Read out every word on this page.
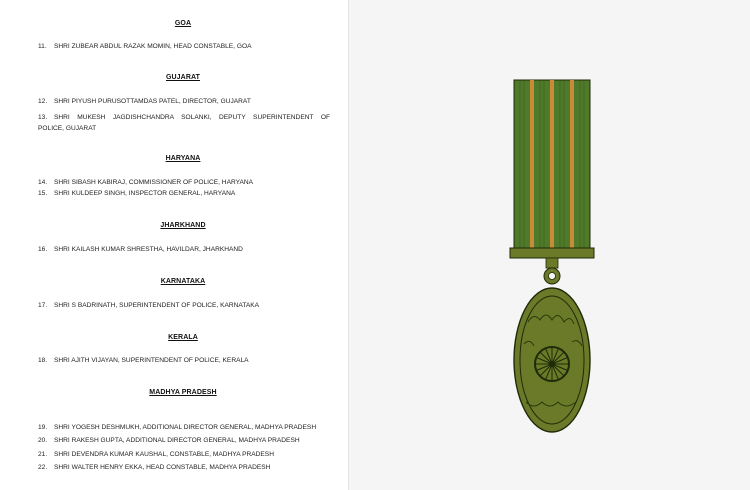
GOA
11. SHRI ZUBEAR ABDUL RAZAK MOMIN, HEAD CONSTABLE, GOA
GUJARAT
12. SHRI PIYUSH PURUSOTTAMDAS PATEL, DIRECTOR, GUJARAT
13. SHRI MUKESH JAGDISHCHANDRA SOLANKI, DEPUTY SUPERINTENDENT OF
POLICE, GUJARAT
HARYANA
14. SHRI SIBASH KABIRAJ, COMMISSIONER OF POLICE, HARYANA
15. SHRI KULDEEP SINGH, INSPECTOR GENERAL, HARYANA
JHARKHAND
16. SHRI KAILASH KUMAR SHRESTHA, HAVILDAR, JHARKHAND
KARNATAKA
17. SHRI S BADRINATH, SUPERINTENDENT OF POLICE, KARNATAKA
KERALA
18. SHRI AJITH VIJAYAN, SUPERINTENDENT OF POLICE, KERALA
MADHYA PRADESH
19. SHRI YOGESH DESHMUKH, ADDITIONAL DIRECTOR GENERAL, MADHYA PRADESH
20. SHRI RAKESH GUPTA, ADDITIONAL DIRECTOR GENERAL, MADHYA PRADESH
21. SHRI DEVENDRA KUMAR KAUSHAL, CONSTABLE, MADHYA PRADESH
22. SHRI WALTER HENRY EKKA, HEAD CONSTABLE, MADHYA PRADESH
